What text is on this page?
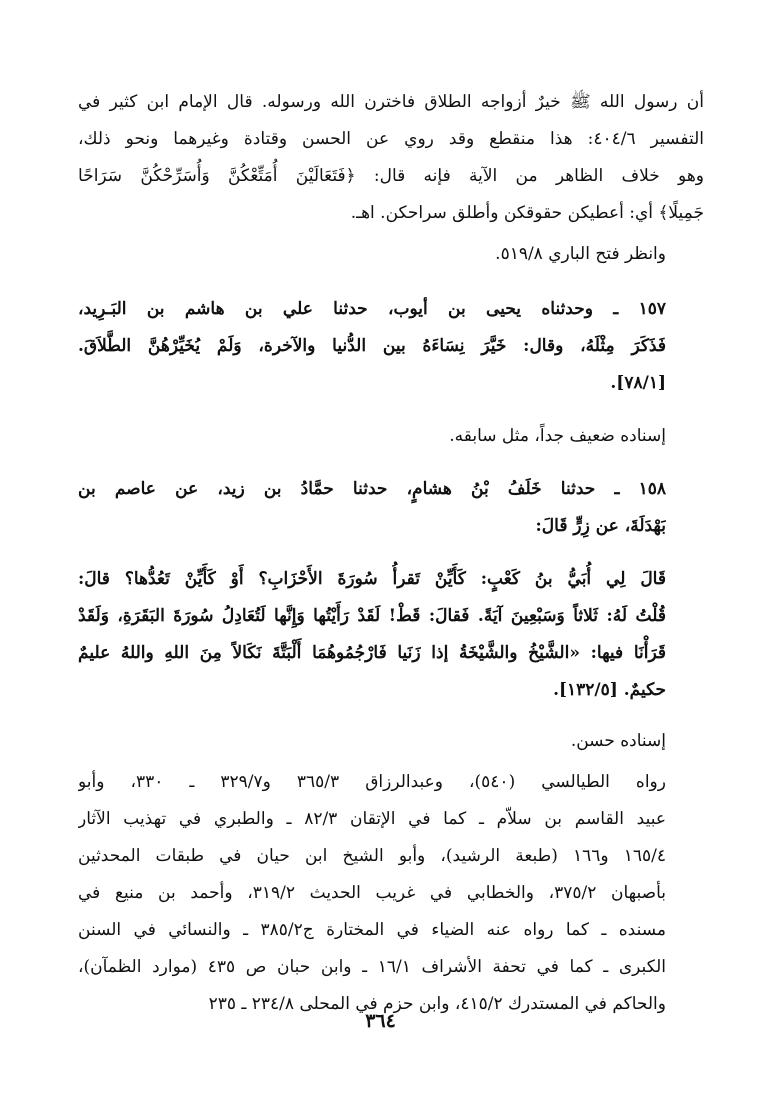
أن رسول الله ﷺ خيرٌ أزواجه الطلاق فاخترن الله ورسوله. قال الإمام ابن كثير في
التفسير ٤٠٤/٦: هذا منقطع وقد روي عن الحسن وقتادة وغيرهما ونحو ذلك،
وهو خلاف الظاهر من الآية فإنه قال: ﴿فَتَعَالَيْنَ أُمَتِّعْكُنَّ وَأُسَرِّحْكُنَّ سَرَاحًا
جَمِيلًا﴾ أي: أعطيكن حقوقكن وأطلق سراحكن. اهـ.
وانظر فتح الباري ٥١٩/٨.
١٥٧ ـ وحدثناه يحيى بن أيوب، حدثنا علي بن هاشم بن البَـرِيد،
فَذَكَرَ مِثْلَهُ، وقال: خَيَّرَ نِسَاءَهُ بين الدُّنيا والآخرة، وَلَمْ يُخَيِّرْهُنَّ الطَّلاَقَ.
[٧٨/١].
إسناده ضعيف جداً، مثل سابقه.
١٥٨ ـ حدثنا خَلَفُ بْنُ هشامٍ، حدثنا حمَّادُ بن زيد، عن عاصم بن
بَهْدَلَةَ، عن زِرٍّ قَالَ:
قَالَ لِي أُبَيُّ بنُ كَعْبٍ: كَأَيِّنْ تَقرأُ سُورَةَ الأَحْزَابِ؟ أَوْ كَأَيِّنْ تَعُدُّها؟ قالَ:
قُلْتُ لَهُ: ثَلاثاً وَسَبْعِينَ آيَةً. فَقالَ: قَطْ! لَقَدْ رَأَيْتُها وَإِنَّها لَتُعَادِلُ سُورَةَ البَقَرَةِ، وَلَقَدْ
قَرَأْنَا فيها: «الشَّيْخُ والشَّيْخَةُ إذا زَنَيا فَارْجُمُوهُمَا أَلْبَتَّةَ نَكَالاً مِنَ اللهِ واللهُ عليمٌ
حكيمٌ. [١٣٢/٥].
إسناده حسن.
رواه الطيالسي (٥٤٠)، وعبدالرزاق ٣٦٥/٣ و٣٢٩/٧ ـ ٣٣٠، وأبو
عبيد القاسم بن سلاّم ـ كما في الإتقان ٨٢/٣ ـ والطبري في تهذيب الآثار
١٦٥/٤ و١٦٦ (طبعة الرشيد)، وأبو الشيخ ابن حيان في طبقات المحدثين
بأصبهان ٣٧٥/٢، والخطابي في غريب الحديث ٣١٩/٢، وأحمد بن منيع في
مسنده ـ كما رواه عنه الضياء في المختارة ج٣٨٥/٢ ـ والنسائي في السنن
الكبرى ـ كما في تحفة الأشراف ١٦/١ ـ وابن حبان ص ٤٣٥ (موارد الظمآن)،
والحاكم في المستدرك ٤١٥/٢، وابن حزم في المحلى ٢٣٤/٨ ـ ٢٣٥
٣٦٤
